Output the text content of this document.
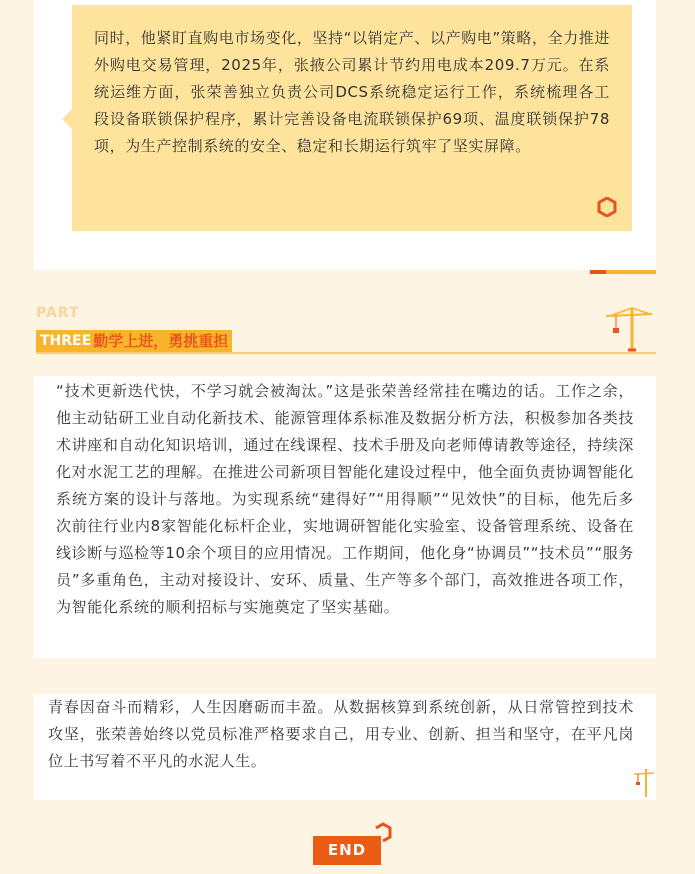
同时，他紧盯直购电市场变化，坚持“以销定产、以产购电”策略，全力推进外购电交易管理，2025年，张掖公司累计节约用电成本209.7万元。在系统运维方面，张荣善独立负责公司DCS系统稳定运行工作，系统梳理各工段设备联锁保护程序，累计完善设备电流联锁保护69项、温度联锁保护78项，为生产控制系统的安全、稳定和长期运行筑牢了坚实屏障。
PART
THREE 勤学上进，勇挑重担
“技术更新迭代快，不学习就会被淘汰。”这是张荣善经常挂在嘴边的话。工作之余，他主动钻研工业自动化新技术、能源管理体系标准及数据分析方法，积极参加各类技术讲座和自动化知识培训，通过在线课程、技术手册及向老师傅请教等途径，持续深化对水泥工艺的理解。在推进公司新项目智能化建设过程中，他全面负责协调智能化系统方案的设计与落地。为实现系统“建得好”“用得顺”“见效快”的目标，他先后多次前往行业内8家智能化标杆企业，实地调研智能化实验室、设备管理系统、设备在线诊断与巡检等10余个项目的应用情况。工作期间，他化身“协调员”“技术员”“服务员”多重角色，主动对接设计、安环、质量、生产等多个部门，高效推进各项工作，为智能化系统的顺利招标与实施奠定了坚实基础。
青春因奋斗而精彩，人生因磨砺而丰盈。从数据核算到系统创新，从日常管控到技术攻坚，张荣善始终以党员标准严格要求自己，用专业、创新、担当和坚守，在平凡岗位上书写着不平凡的水泥人生。
END
